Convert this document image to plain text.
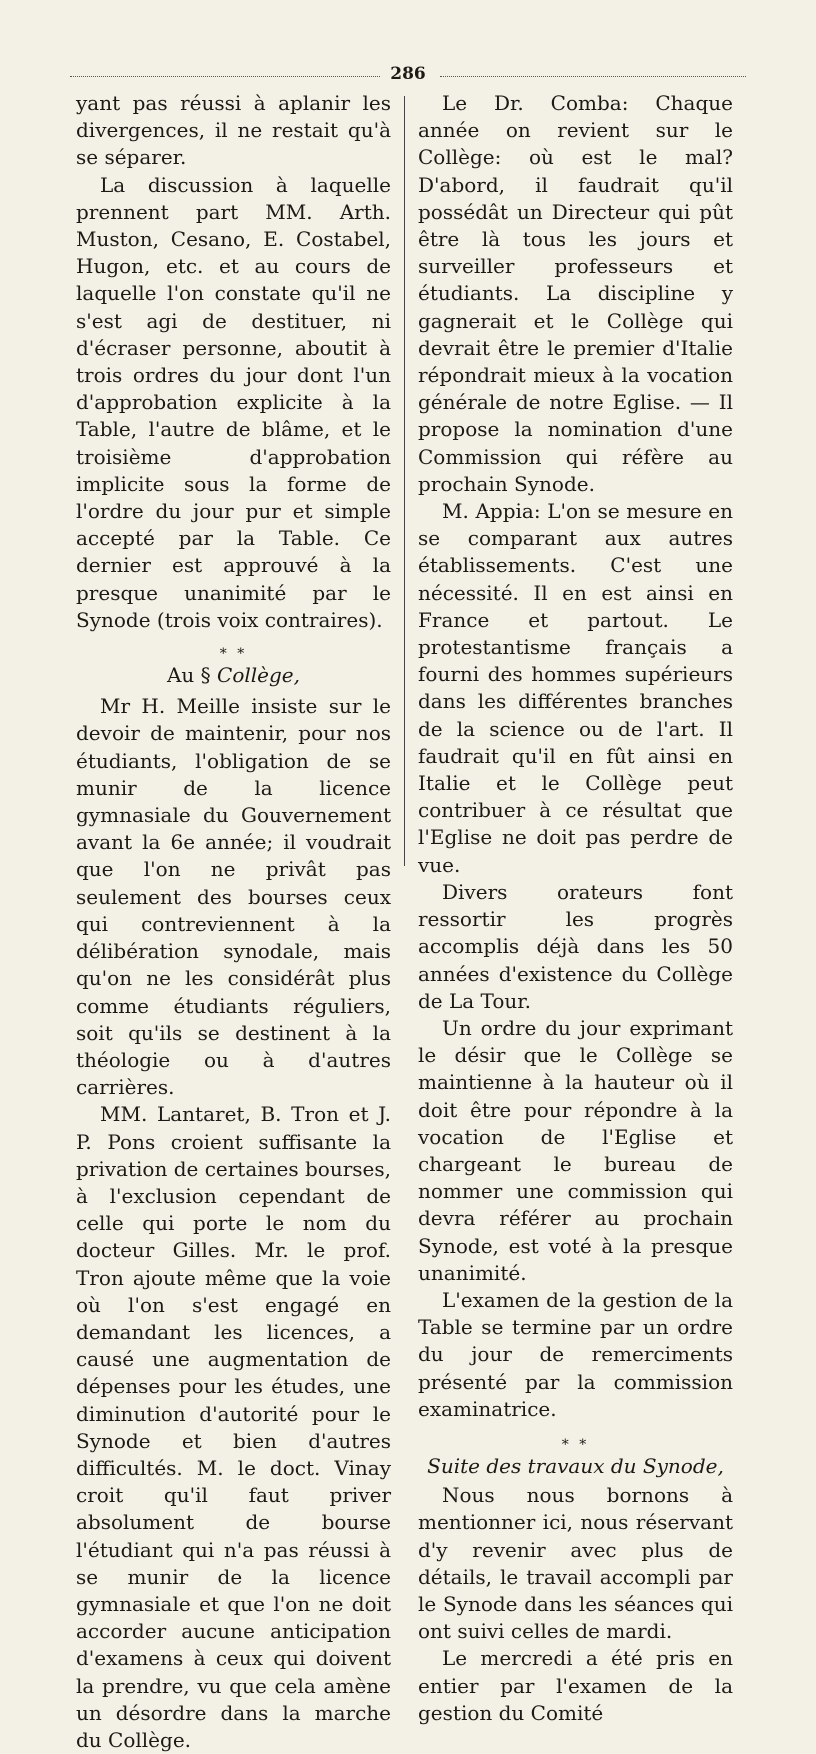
286

yant pas réussi à aplanir les divergences, il ne restait qu'à se séparer.

La discussion à laquelle prennent part MM. Arth. Muston, Cesano, E. Costabel, Hugon, etc. et au cours de laquelle l'on constate qu'il ne s'est agi de destituer, ni d'écraser personne, aboutit à trois ordres du jour dont l'un d'approbation explicite à la Table, l'autre de blâme, et le troisième d'approbation implicite sous la forme de l'ordre du jour pur et simple accepté par la Table. Ce dernier est approuvé à la presque unanimité par le Synode (trois voix contraires).

* *
Au § Collège,

Mr H. Meille insiste sur le devoir de maintenir, pour nos étudiants, l'obligation de se munir de la licence gymnasiale du Gouvernement avant la 6e année; il voudrait que l'on ne privât pas seulement des bourses ceux qui contreviennent à la délibération synodale, mais qu'on ne les considérât plus comme étudiants réguliers, soit qu'ils se destinent à la théologie ou à d'autres carrières.

MM. Lantaret, B. Tron et J. P. Pons croient suffisante la privation de certaines bourses, à l'exclusion cependant de celle qui porte le nom du docteur Gilles. Mr. le prof. Tron ajoute même que la voie où l'on s'est engagé en demandant les licences, a causé une augmentation de dépenses pour les études, une diminution d'autorité pour le Synode et bien d'autres difficultés. M. le doct. Vinay croit qu'il faut priver absolument de bourse l'étudiant qui n'a pas réussi à se munir de la licence gymnasiale et que l'on ne doit accorder aucune anticipation d'examens à ceux qui doivent la prendre, vu que cela amène un désordre dans la marche du Collège.

Le Dr. Comba: Chaque année on revient sur le Collège: où est le mal? D'abord, il faudrait qu'il possédât un Directeur qui pût être là tous les jours et surveiller professeurs et étudiants. La discipline y gagnerait et le Collège qui devrait être le premier d'Italie répondrait mieux à la vocation générale de notre Eglise. — Il propose la nomination d'une Commission qui réfère au prochain Synode.

M. Appia: L'on se mesure en se comparant aux autres établissements. C'est une nécessité. Il en est ainsi en France et partout. Le protestantisme français a fourni des hommes supérieurs dans les différentes branches de la science ou de l'art. Il faudrait qu'il en fût ainsi en Italie et le Collège peut contribuer à ce résultat que l'Eglise ne doit pas perdre de vue.

Divers orateurs font ressortir les progrès accomplis déjà dans les 50 années d'existence du Collège de La Tour.

Un ordre du jour exprimant le désir que le Collège se maintienne à la hauteur où il doit être pour répondre à la vocation de l'Eglise et chargeant le bureau de nommer une commission qui devra référer au prochain Synode, est voté à la presque unanimité.

L'examen de la gestion de la Table se termine par un ordre du jour de remerciments présenté par la commission examinatrice.

* *
Suite des travaux du Synode,

Nous nous bornons à mentionner ici, nous réservant d'y revenir avec plus de détails, le travail accompli par le Synode dans les séances qui ont suivi celles de mardi.

Le mercredi a été pris en entier par l'examen de la gestion du Comité
